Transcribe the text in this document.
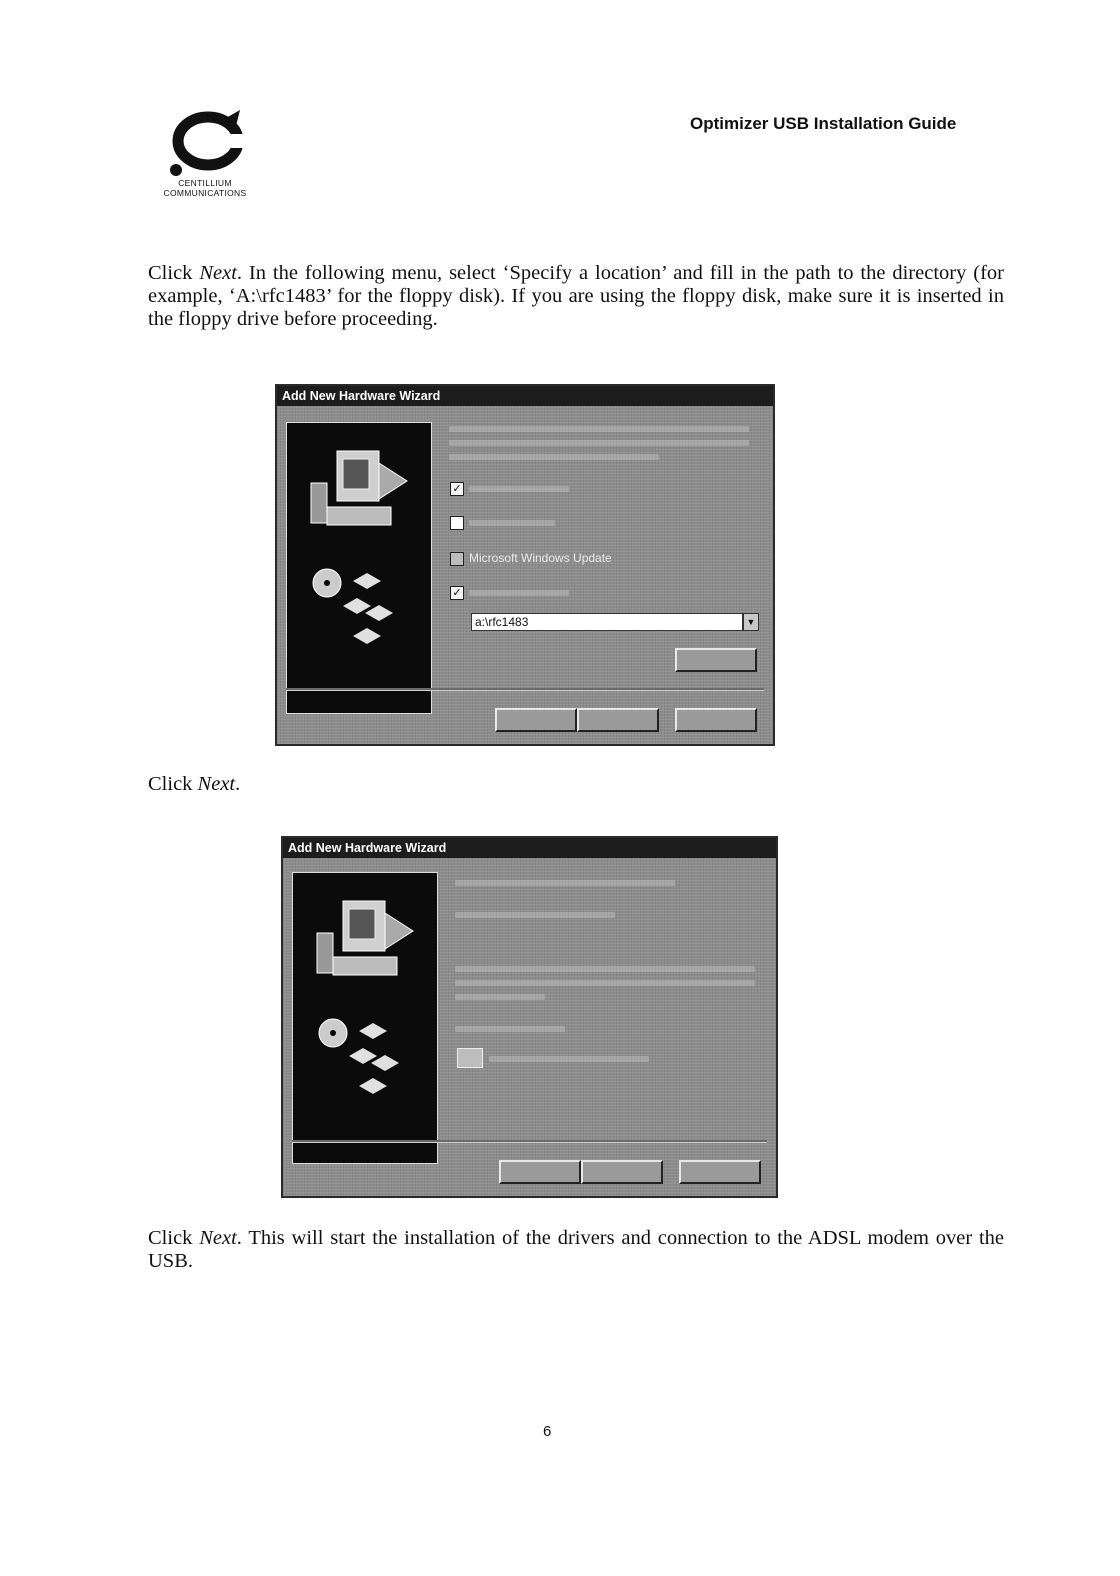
CENTILLIUM
COMMUNICATIONS
Optimizer USB Installation Guide
Click Next. In the following menu, select ‘Specify a location’ and fill in the path to the directory (for example, ‘A:\rfc1483’ for the floppy disk). If you are using the floppy disk, make sure it is inserted in the floppy drive before proceeding.
Add New Hardware Wizard
✓
Microsoft Windows Update
✓
a:\rfc1483	▼
Click Next.
Add New Hardware Wizard
Click Next. This will start the installation of the drivers and connection to the ADSL modem over the USB.
6
